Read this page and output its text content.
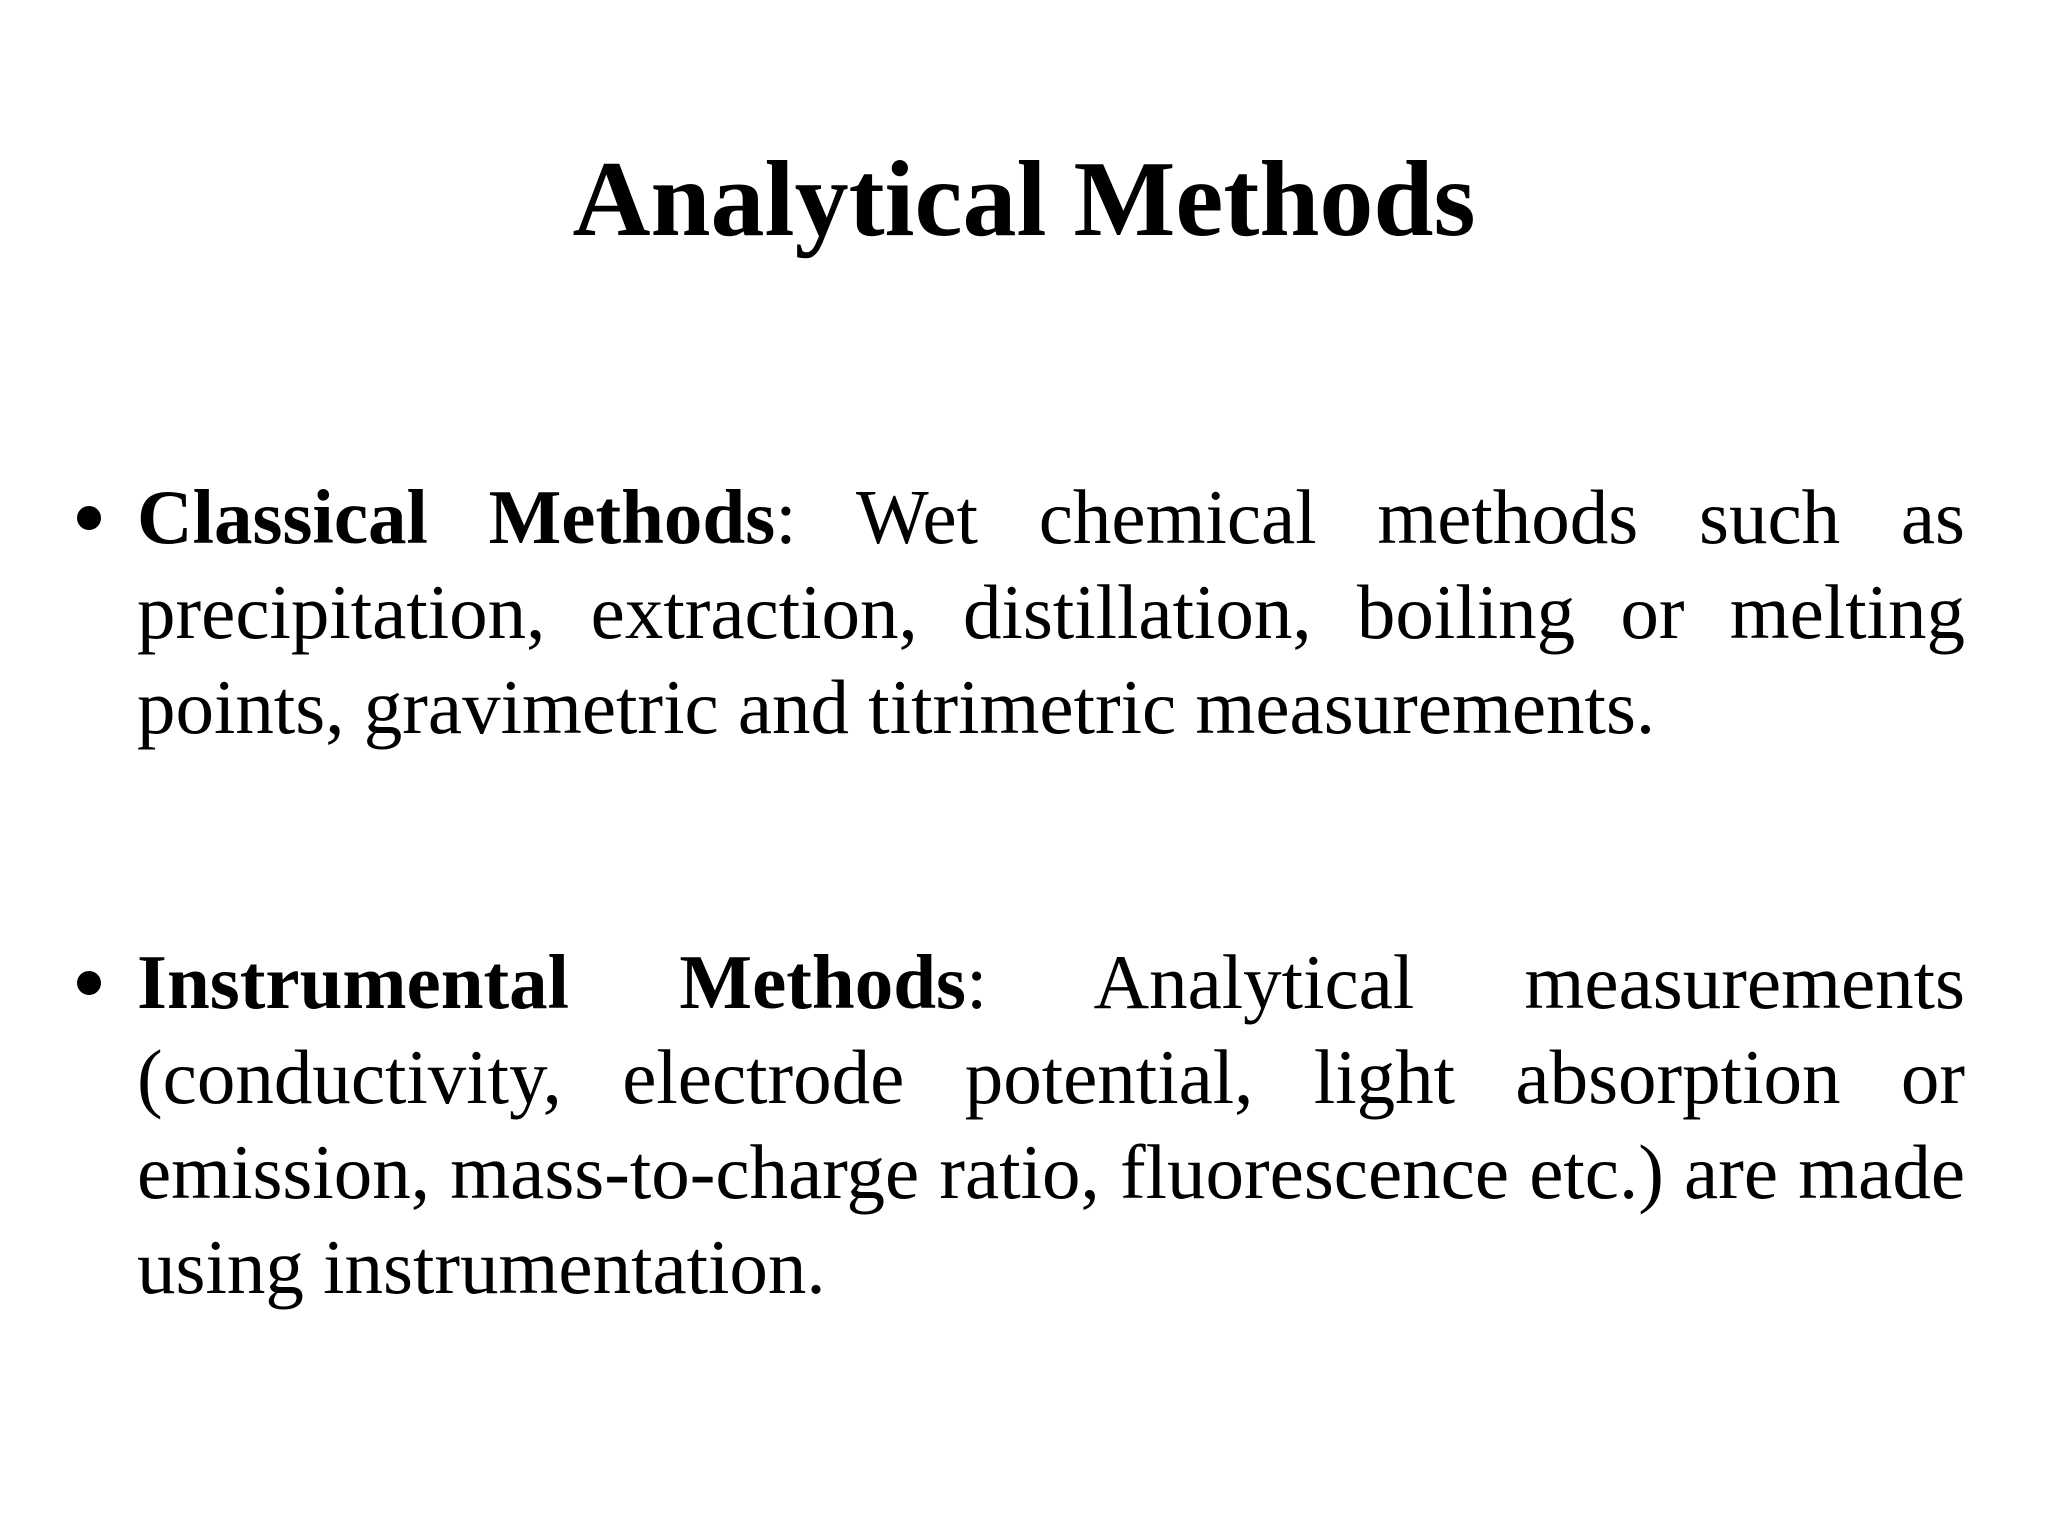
Analytical Methods
Classical Methods: Wet chemical methods such as precipitation, extraction, distillation, boiling or melting points, gravimetric and titrimetric measurements.
Instrumental Methods: Analytical measurements (conductivity, electrode potential, light absorption or emission, mass-to-charge ratio, fluorescence etc.) are made using instrumentation.
